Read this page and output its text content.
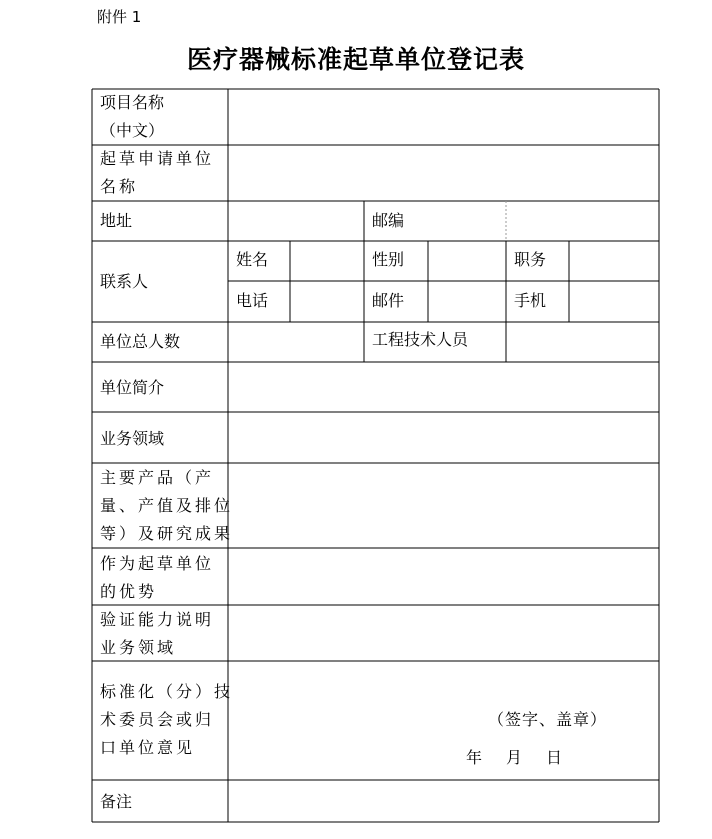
附件 1
医疗器械标准起草单位登记表
项目名称
（中文）
起草申请单位
名称
地址	邮编
联系人
姓名	性别	职务
电话	邮件	手机
单位总人数	工程技术人员
单位简介
业务领域
主要产品（产
量、产值及排位
等）及研究成果
作为起草单位
的优势
验证能力说明
业务领域
标准化（分）技
术委员会或归
口单位意见
（签字、盖章）
年　月　日
备注
